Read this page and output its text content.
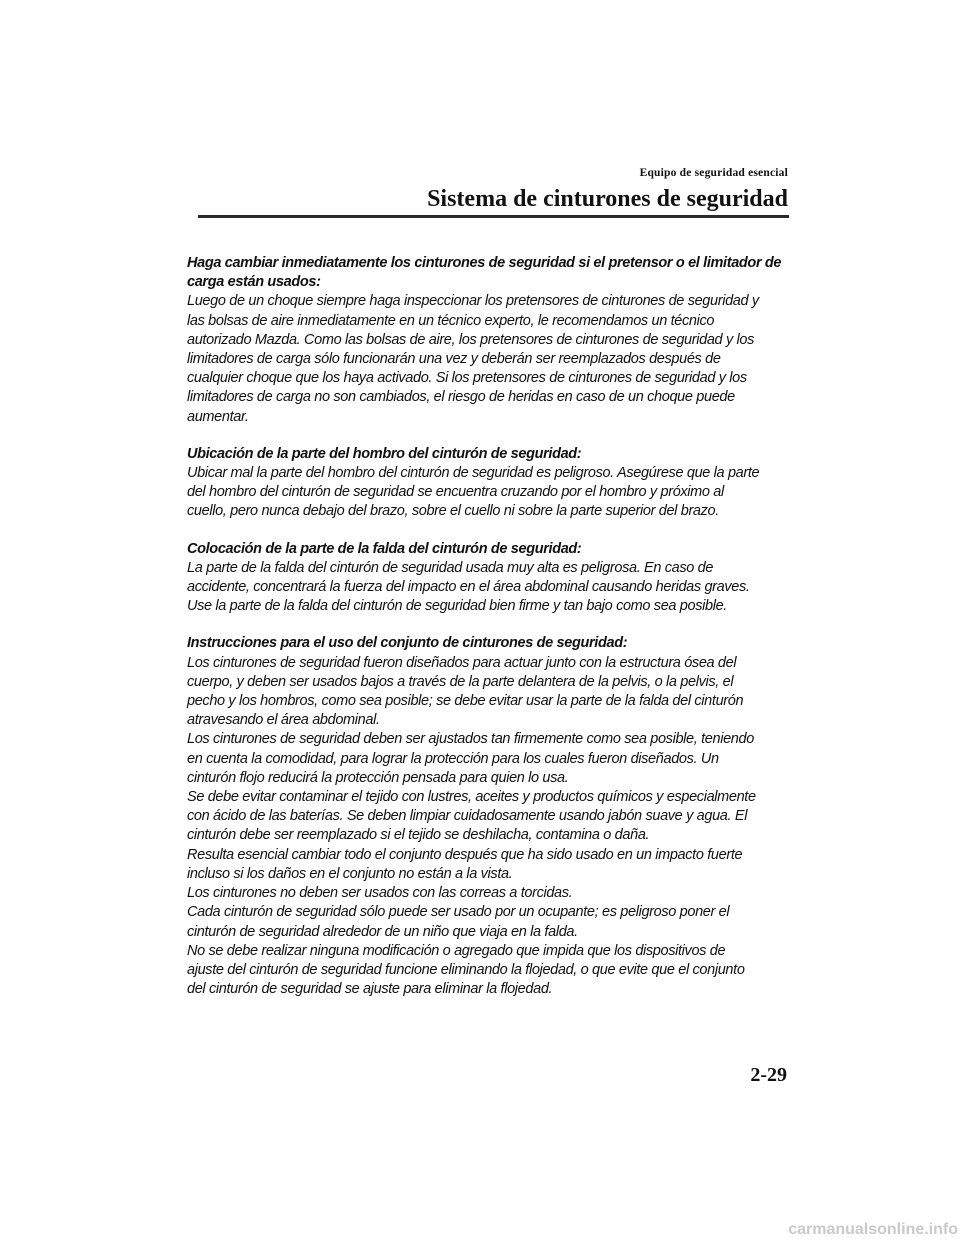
Equipo de seguridad esencial
Sistema de cinturones de seguridad
Haga cambiar inmediatamente los cinturones de seguridad si el pretensor o el limitador de
carga están usados:
Luego de un choque siempre haga inspeccionar los pretensores de cinturones de seguridad y
las bolsas de aire inmediatamente en un técnico experto, le recomendamos un técnico
autorizado Mazda. Como las bolsas de aire, los pretensores de cinturones de seguridad y los
limitadores de carga sólo funcionarán una vez y deberán ser reemplazados después de
cualquier choque que los haya activado. Si los pretensores de cinturones de seguridad y los
limitadores de carga no son cambiados, el riesgo de heridas en caso de un choque puede
aumentar.
Ubicación de la parte del hombro del cinturón de seguridad:
Ubicar mal la parte del hombro del cinturón de seguridad es peligroso. Asegúrese que la parte
del hombro del cinturón de seguridad se encuentra cruzando por el hombro y próximo al
cuello, pero nunca debajo del brazo, sobre el cuello ni sobre la parte superior del brazo.
Colocación de la parte de la falda del cinturón de seguridad:
La parte de la falda del cinturón de seguridad usada muy alta es peligrosa. En caso de
accidente, concentrará la fuerza del impacto en el área abdominal causando heridas graves.
Use la parte de la falda del cinturón de seguridad bien firme y tan bajo como sea posible.
Instrucciones para el uso del conjunto de cinturones de seguridad:
Los cinturones de seguridad fueron diseñados para actuar junto con la estructura ósea del
cuerpo, y deben ser usados bajos a través de la parte delantera de la pelvis, o la pelvis, el
pecho y los hombros, como sea posible; se debe evitar usar la parte de la falda del cinturón
atravesando el área abdominal.
Los cinturones de seguridad deben ser ajustados tan firmemente como sea posible, teniendo
en cuenta la comodidad, para lograr la protección para los cuales fueron diseñados. Un
cinturón flojo reducirá la protección pensada para quien lo usa.
Se debe evitar contaminar el tejido con lustres, aceites y productos químicos y especialmente
con ácido de las baterías. Se deben limpiar cuidadosamente usando jabón suave y agua. El
cinturón debe ser reemplazado si el tejido se deshilacha, contamina o daña.
Resulta esencial cambiar todo el conjunto después que ha sido usado en un impacto fuerte
incluso si los daños en el conjunto no están a la vista.
Los cinturones no deben ser usados con las correas a torcidas.
Cada cinturón de seguridad sólo puede ser usado por un ocupante; es peligroso poner el
cinturón de seguridad alrededor de un niño que viaja en la falda.
No se debe realizar ninguna modificación o agregado que impida que los dispositivos de
ajuste del cinturón de seguridad funcione eliminando la flojedad, o que evite que el conjunto
del cinturón de seguridad se ajuste para eliminar la flojedad.
2-29
carmanualsonline.info
